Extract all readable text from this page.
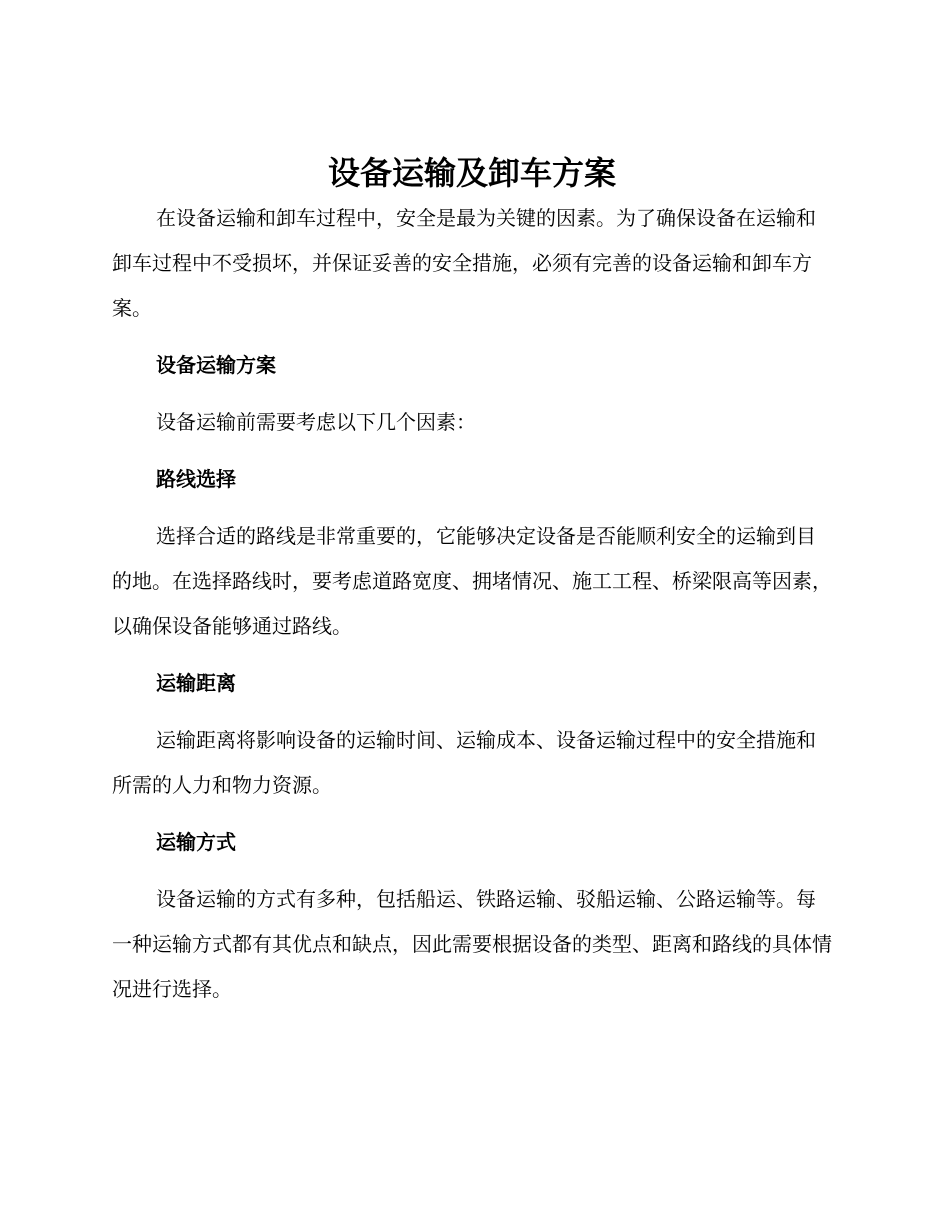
设备运输及卸车方案

在设备运输和卸车过程中，安全是最为关键的因素。为了确保设备在运输和卸车过程中不受损坏，并保证妥善的安全措施，必须有完善的设备运输和卸车方案。

设备运输方案

设备运输前需要考虑以下几个因素：

路线选择

选择合适的路线是非常重要的，它能够决定设备是否能顺利安全的运输到目的地。在选择路线时，要考虑道路宽度、拥堵情况、施工工程、桥梁限高等因素，以确保设备能够通过路线。

运输距离

运输距离将影响设备的运输时间、运输成本、设备运输过程中的安全措施和所需的人力和物力资源。

运输方式

设备运输的方式有多种，包括船运、铁路运输、驳船运输、公路运输等。每一种运输方式都有其优点和缺点，因此需要根据设备的类型、距离和路线的具体情况进行选择。
